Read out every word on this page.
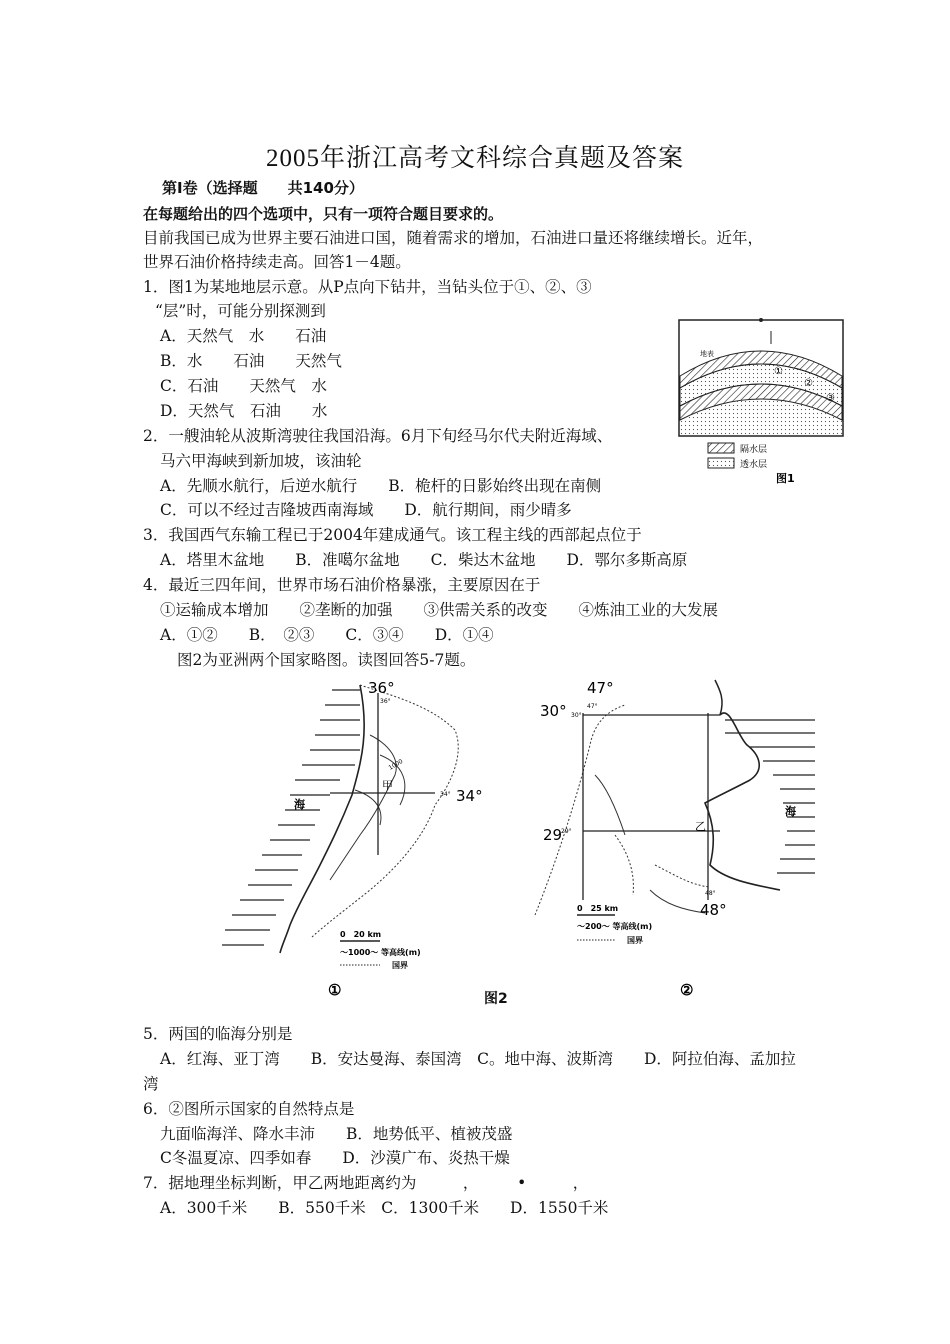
2005年浙江高考文科综合真题及答案
第Ⅰ卷（选择题　　共140分）
在每题给出的四个选项中，只有一项符合题目要求的。
目前我国已成为世界主要石油进口国，随着需求的增加，石油进口量还将继续增长。近年，
世界石油价格持续走高。回答1－4题。
1．图1为某地地层示意。从P点向下钻井，当钻头位于①、②、③
“层”时，可能分别探测到
A．天然气　水　　石油
B．水　　石油　　天然气
C．石油　　天然气　水
D．天然气　石油　　水
2．一艘油轮从波斯湾驶往我国沿海。6月下旬经马尔代夫附近海域、
马六甲海峡到新加坡，该油轮
A．先顺水航行，后逆水航行　　B．桅杆的日影始终出现在南侧
C．可以不经过吉隆坡西南海域　　D．航行期间，雨少晴多
3．我国西气东输工程已于2004年建成通气。该工程主线的西部起点位于
A．塔里木盆地　　B．准噶尔盆地　　C．柴达木盆地　　D．鄂尔多斯高原
4．最近三四年间，世界市场石油价格暴涨，主要原因在于
①运输成本增加　　②垄断的加强　　③供需关系的改变　　④炼油工业的大发展
A．①②　　B．　②③　　C．③④　　D．①④
图2为亚洲两个国家略图。读图回答5-7题。
地表
①
②
③
隔水层
透水层
图1
36°
36°
34°
34°
海
甲
1000
0　20 km
～1000～ 等高线(m)
国界
①	图2
47°
47°
30° 30°
29
29°
48°
48°
海
乙
0　25 km
～200～ 等高线(m)
国界
②
5．两国的临海分别是
A．红海、亚丁湾　　B．安达曼海、泰国湾　C。地中海、波斯湾　　D．阿拉伯海、孟加拉
湾
6．②图所示国家的自然特点是
九面临海洋、降水丰沛　　B．地势低平、植被茂盛
C冬温夏凉、四季如春　　D．沙漠广布、炎热干燥
7．据地理坐标判断，甲乙两地距离约为　　　，　　　•　　　，
A．300千米　　B．550千米　C．1300千米　　D．1550千米
